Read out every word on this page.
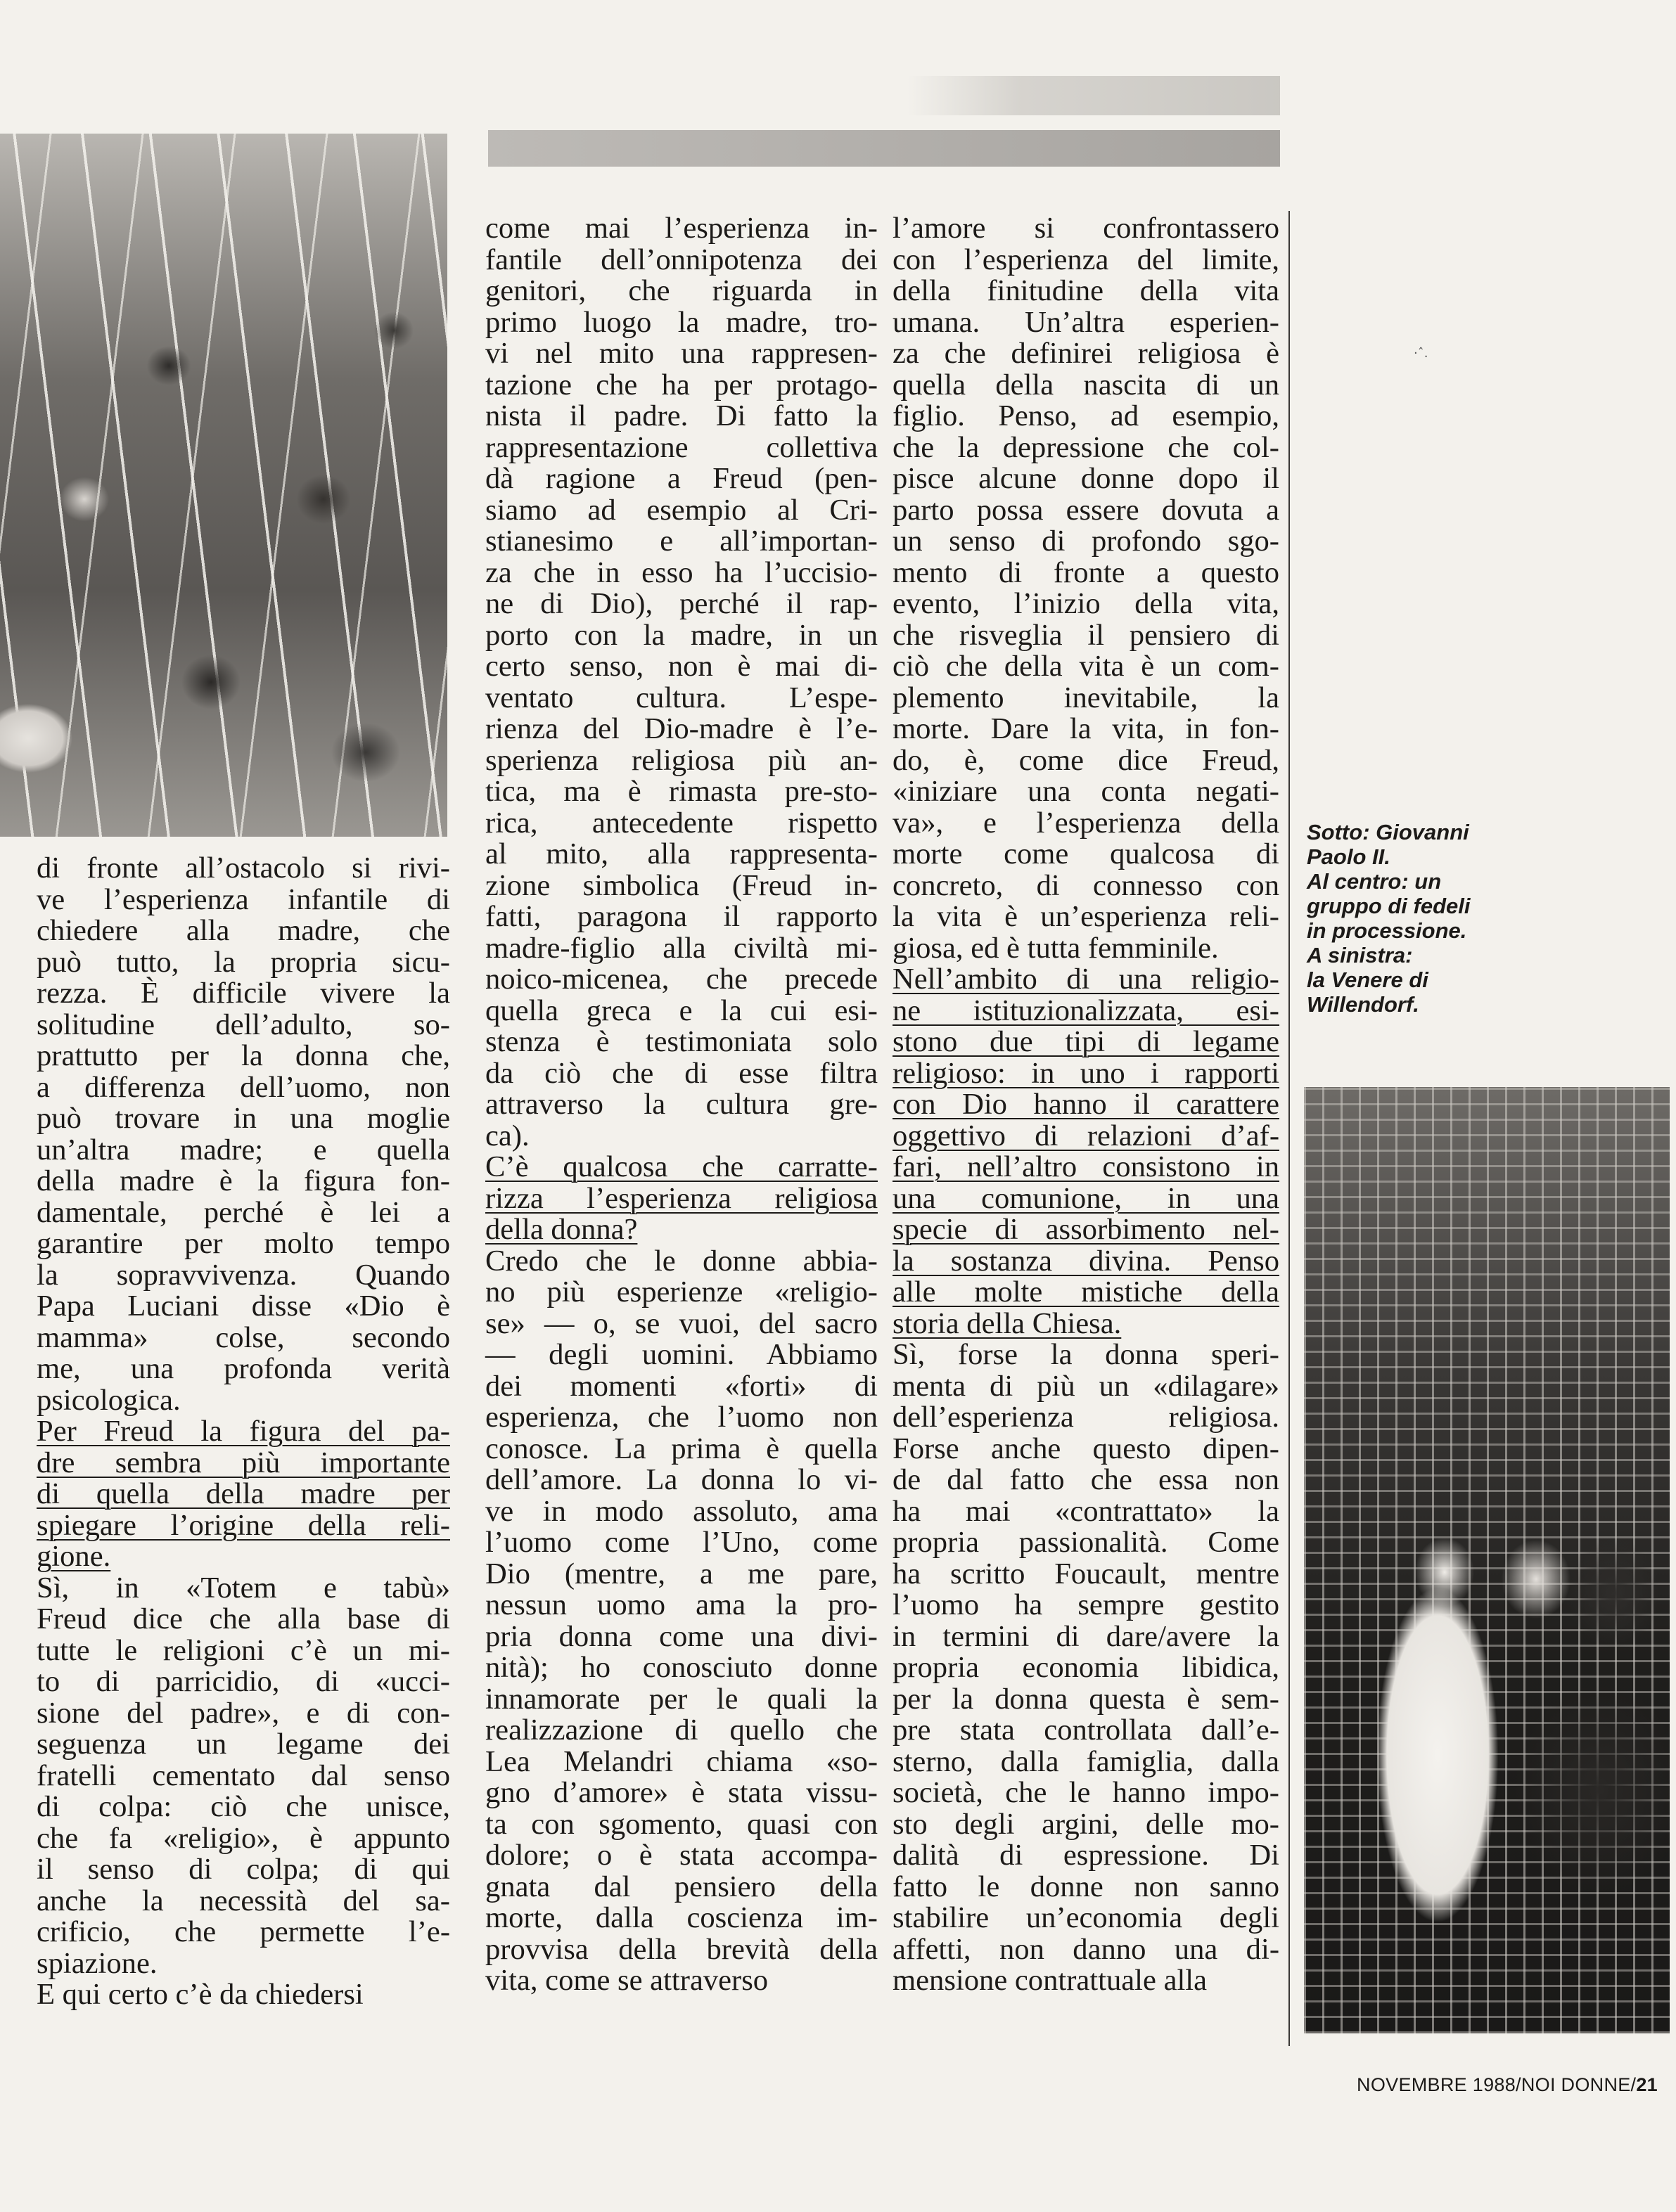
·ˆ.

di fronte all’ostacolo si rivi-

ve l’esperienza infantile di

chiedere alla madre, che

può tutto, la propria sicu-

rezza. È difficile vivere la

solitudine dell’adulto, so-

prattutto per la donna che,

a differenza dell’uomo, non

può trovare in una moglie

un’altra madre; e quella

della madre è la figura fon-

damentale, perché è lei a

garantire per molto tempo

la sopravvivenza. Quando

Papa Luciani disse «Dio è

mamma» colse, secondo

me, una profonda verità

psicologica.

Per Freud la figura del pa-

dre sembra più importante

di quella della madre per

spiegare l’origine della reli-

gione.

Sì, in «Totem e tabù»

Freud dice che alla base di

tutte le religioni c’è un mi-

to di parricidio, di «ucci-

sione del padre», e di con-

seguenza un legame dei

fratelli cementato dal senso

di colpa: ciò che unisce,

che fa «religio», è appunto

il senso di colpa; di qui

anche la necessità del sa-

crificio, che permette l’e-

spiazione.

E qui certo c’è da chiedersi

come mai l’esperienza in-

fantile dell’onnipotenza dei

genitori, che riguarda in

primo luogo la madre, tro-

vi nel mito una rappresen-

tazione che ha per protago-

nista il padre. Di fatto la

rappresentazione collettiva

dà ragione a Freud (pen-

siamo ad esempio al Cri-

stianesimo e all’importan-

za che in esso ha l’uccisio-

ne di Dio), perché il rap-

porto con la madre, in un

certo senso, non è mai di-

ventato cultura. L’espe-

rienza del Dio-madre è l’e-

sperienza religiosa più an-

tica, ma è rimasta pre-sto-

rica, antecedente rispetto

al mito, alla rappresenta-

zione simbolica (Freud in-

fatti, paragona il rapporto

madre-figlio alla civiltà mi-

noico-micenea, che precede

quella greca e la cui esi-

stenza è testimoniata solo

da ciò che di esse filtra

attraverso la cultura gre-

ca).

C’è qualcosa che carratte-

rizza l’esperienza religiosa

della donna?

Credo che le donne abbia-

no più esperienze «religio-

se» — o, se vuoi, del sacro

— degli uomini. Abbiamo

dei momenti «forti» di

esperienza, che l’uomo non

conosce. La prima è quella

dell’amore. La donna lo vi-

ve in modo assoluto, ama

l’uomo come l’Uno, come

Dio (mentre, a me pare,

nessun uomo ama la pro-

pria donna come una divi-

nità); ho conosciuto donne

innamorate per le quali la

realizzazione di quello che

Lea Melandri chiama «so-

gno d’amore» è stata vissu-

ta con sgomento, quasi con

dolore; o è stata accompa-

gnata dal pensiero della

morte, dalla coscienza im-

provvisa della brevità della

vita, come se attraverso

l’amore si confrontassero

con l’esperienza del limite,

della finitudine della vita

umana. Un’altra esperien-

za che definirei religiosa è

quella della nascita di un

figlio. Penso, ad esempio,

che la depressione che col-

pisce alcune donne dopo il

parto possa essere dovuta a

un senso di profondo sgo-

mento di fronte a questo

evento, l’inizio della vita,

che risveglia il pensiero di

ciò che della vita è un com-

plemento inevitabile, la

morte. Dare la vita, in fon-

do, è, come dice Freud,

«iniziare una conta negati-

va», e l’esperienza della

morte come qualcosa di

concreto, di connesso con

la vita è un’esperienza reli-

giosa, ed è tutta femminile.

Nell’ambito di una religio-

ne istituzionalizzata, esi-

stono due tipi di legame

religioso: in uno i rapporti

con Dio hanno il carattere

oggettivo di relazioni d’af-

fari, nell’altro consistono in

una comunione, in una

specie di assorbimento nel-

la sostanza divina. Penso

alle molte mistiche della

storia della Chiesa.

Sì, forse la donna speri-

menta di più un «dilagare»

dell’esperienza religiosa.

Forse anche questo dipen-

de dal fatto che essa non

ha mai «contrattato» la

propria passionalità. Come

ha scritto Foucault, mentre

l’uomo ha sempre gestito

in termini di dare/avere la

propria economia libidica,

per la donna questa è sem-

pre stata controllata dall’e-

sterno, dalla famiglia, dalla

società, che le hanno impo-

sto degli argini, delle mo-

dalità di espressione. Di

fatto le donne non sanno

stabilire un’economia degli

affetti, non danno una di-

mensione contrattuale alla

Sotto: Giovanni

Paolo II.

Al centro: un

gruppo di fedeli

in processione.

A sinistra:

la Venere di

Willendorf.

NOVEMBRE 1988/NOI DONNE/21
